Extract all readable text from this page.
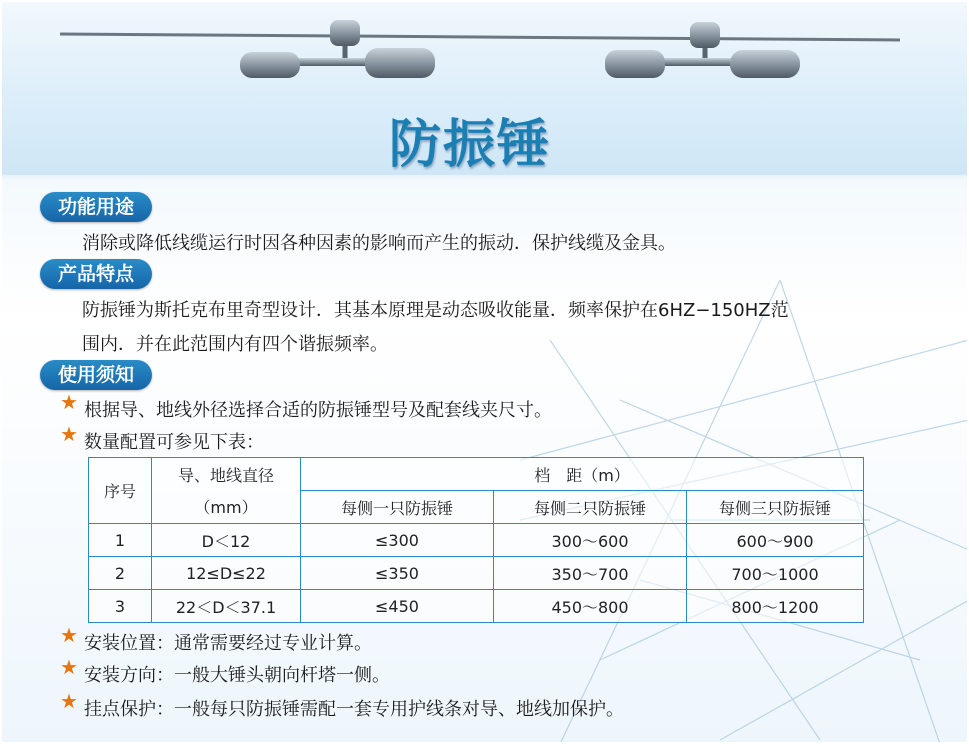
防振锤
功能用途
消除或降低线缆运行时因各种因素的影响而产生的振动．保护线缆及金具。
产品特点
防振锤为斯托克布里奇型设计．其基本原理是动态吸收能量．频率保护在6HZ−150HZ范
围内．并在此范围内有四个谐振频率。
使用须知
★ 根据导、地线外径选择合适的防振锤型号及配套线夹尺寸。
★ 数量配置可参见下表：
序号	导、地线直径	档　距（m）		
	（mm）	每侧一只防振锤	每侧二只防振锤	每侧三只防振锤
1	D＜12	≤300	300～600	600～900
2	12≤D≤22	≤350	350～700	700～1000
3	22＜D＜37.1	≤450	450～800	800～1200
★ 安装位置：通常需要经过专业计算。
★ 安装方向：一般大锤头朝向杆塔一侧。
★ 挂点保护：一般每只防振锤需配一套专用护线条对导、地线加保护。
